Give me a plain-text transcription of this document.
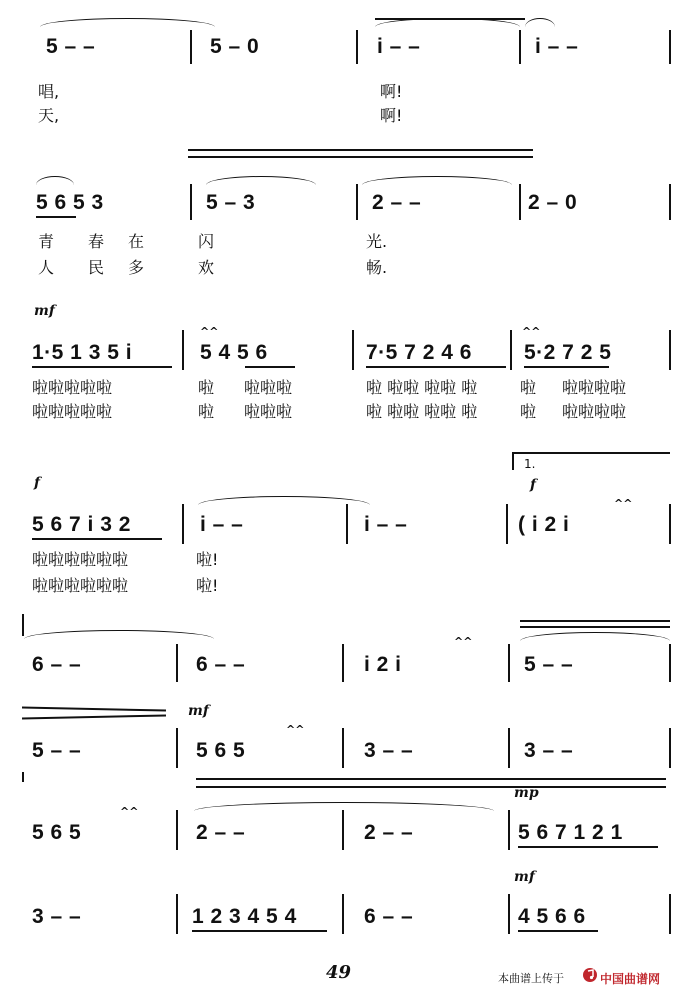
5 – –	5 – 0	i – –	i – –
唱,	啊!
天,	啊!
5 6 5 3	5 – 3	2 – –	2 – 0
青 春 在	闪	光.
人 民 多	欢	畅.
mf
^^	^^
1·5 1 3 5 i	5 4 5 6	7·5 7 2 4 6	5·2 7 2 5
啦啦啦啦啦	啦 啦啦啦	啦 啦啦 啦啦 啦	啦 啦啦啦啦
啦啦啦啦啦	啦 啦啦啦	啦 啦啦 啦啦 啦	啦 啦啦啦啦
1.
f
f
^^
5 6 7 i 3 2	i – –	i – –	( i 2 i
啦啦啦啦啦啦	啦!
啦啦啦啦啦啦	啦!
^^
6 – –	6 – –	i 2 i	5 – –
mf
^^
5 – –	5 6 5	3 – –	3 – –
mp
^^
5 6 5	2 – –	2 – –	5 6 7 1 2 1
mf
3 – –	1 2 3 4 5 4	6 – –	4 5 6 6
49	本曲谱上传于	中国曲谱网
